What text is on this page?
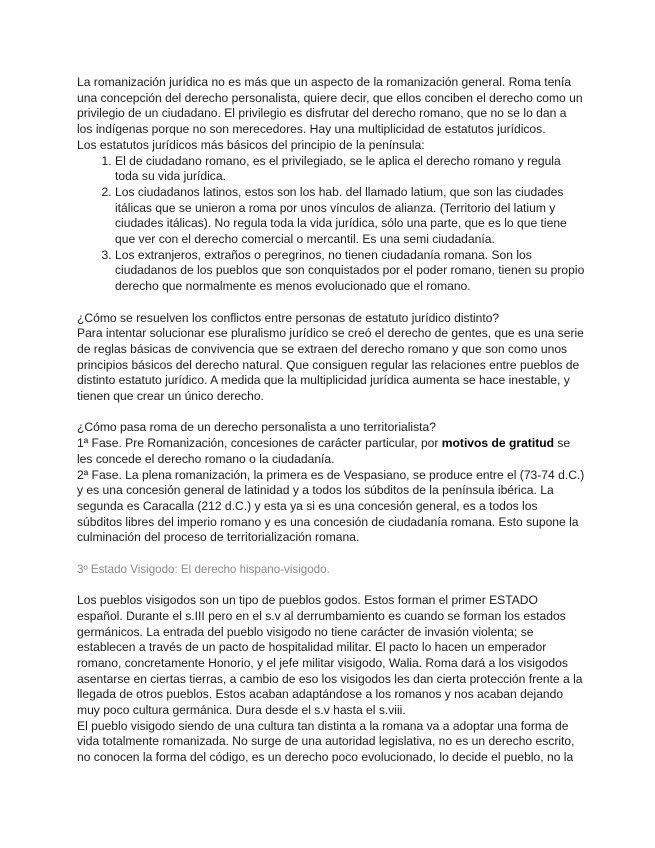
La romanización jurídica no es más que un aspecto de la romanización general. Roma tenía una concepción del derecho personalista, quiere decir, que ellos conciben el derecho como un privilegio de un ciudadano. El privilegio es disfrutar del derecho romano, que no se lo dan a los indígenas porque no son merecedores. Hay una multiplicidad de estatutos jurídicos.

Los estatutos jurídicos más básicos del principio de la península:

1. El de ciudadano romano, es el privilegiado, se le aplica el derecho romano y regula toda su vida jurídica.
2. Los ciudadanos latinos, estos son los hab. del llamado latium, que son las ciudades itálicas que se unieron a roma por unos vínculos de alianza. (Territorio del latium y ciudades itálicas). No regula toda la vida jurídica, sólo una parte, que es lo que tiene que ver con el derecho comercial o mercantil. Es una semi ciudadanía.
3. Los extranjeros, extraños o peregrinos, no tienen ciudadanía romana. Son los ciudadanos de los pueblos que son conquistados por el poder romano, tienen su propio derecho que normalmente es menos evolucionado que el romano.

¿Cómo se resuelven los conflictos entre personas de estatuto jurídico distinto?

Para intentar solucionar ese pluralismo jurídico se creó el derecho de gentes, que es una serie de reglas básicas de convivencia que se extraen del derecho romano y que son como unos principios básicos del derecho natural. Que consiguen regular las relaciones entre pueblos de distinto estatuto jurídico. A medida que la multiplicidad jurídica aumenta se hace inestable, y tienen que crear un único derecho.

¿Cómo pasa roma de un derecho personalista a uno territorialista?

1ª Fase. Pre Romanización, concesiones de carácter particular, por motivos de gratitud se les concede el derecho romano o la ciudadanía.

2ª Fase. La plena romanización, la primera es de Vespasiano, se produce entre el (73-74 d.C.) y es una concesión general de latinidad y a todos los súbditos de la península ibérica. La segunda es Caracalla (212 d.C.) y esta ya si es una concesión general, es a todos los súbditos libres del imperio romano y es una concesión de ciudadanía romana. Esto supone la culminación del proceso de territorialización romana.

3º Estado Visigodo: El derecho hispano-visigodo.

Los pueblos visigodos son un tipo de pueblos godos. Estos forman el primer ESTADO español. Durante el s.III pero en el s.v al derrumbamiento es cuando se forman los estados germánicos. La entrada del pueblo visigodo no tiene carácter de invasión violenta; se establecen a través de un pacto de hospitalidad militar. El pacto lo hacen un emperador romano, concretamente Honorio, y el jefe militar visigodo, Walia. Roma dará a los visigodos asentarse en ciertas tierras, a cambio de eso los visigodos les dan cierta protección frente a la llegada de otros pueblos. Estos acaban adaptándose a los romanos y nos acaban dejando muy poco cultura germánica. Dura desde el s.v hasta el s.viii.

El pueblo visigodo siendo de una cultura tan distinta a la romana va a adoptar una forma de vida totalmente romanizada. No surge de una autoridad legislativa, no es un derecho escrito, no conocen la forma del código, es un derecho poco evolucionado, lo decide el pueblo, no la
